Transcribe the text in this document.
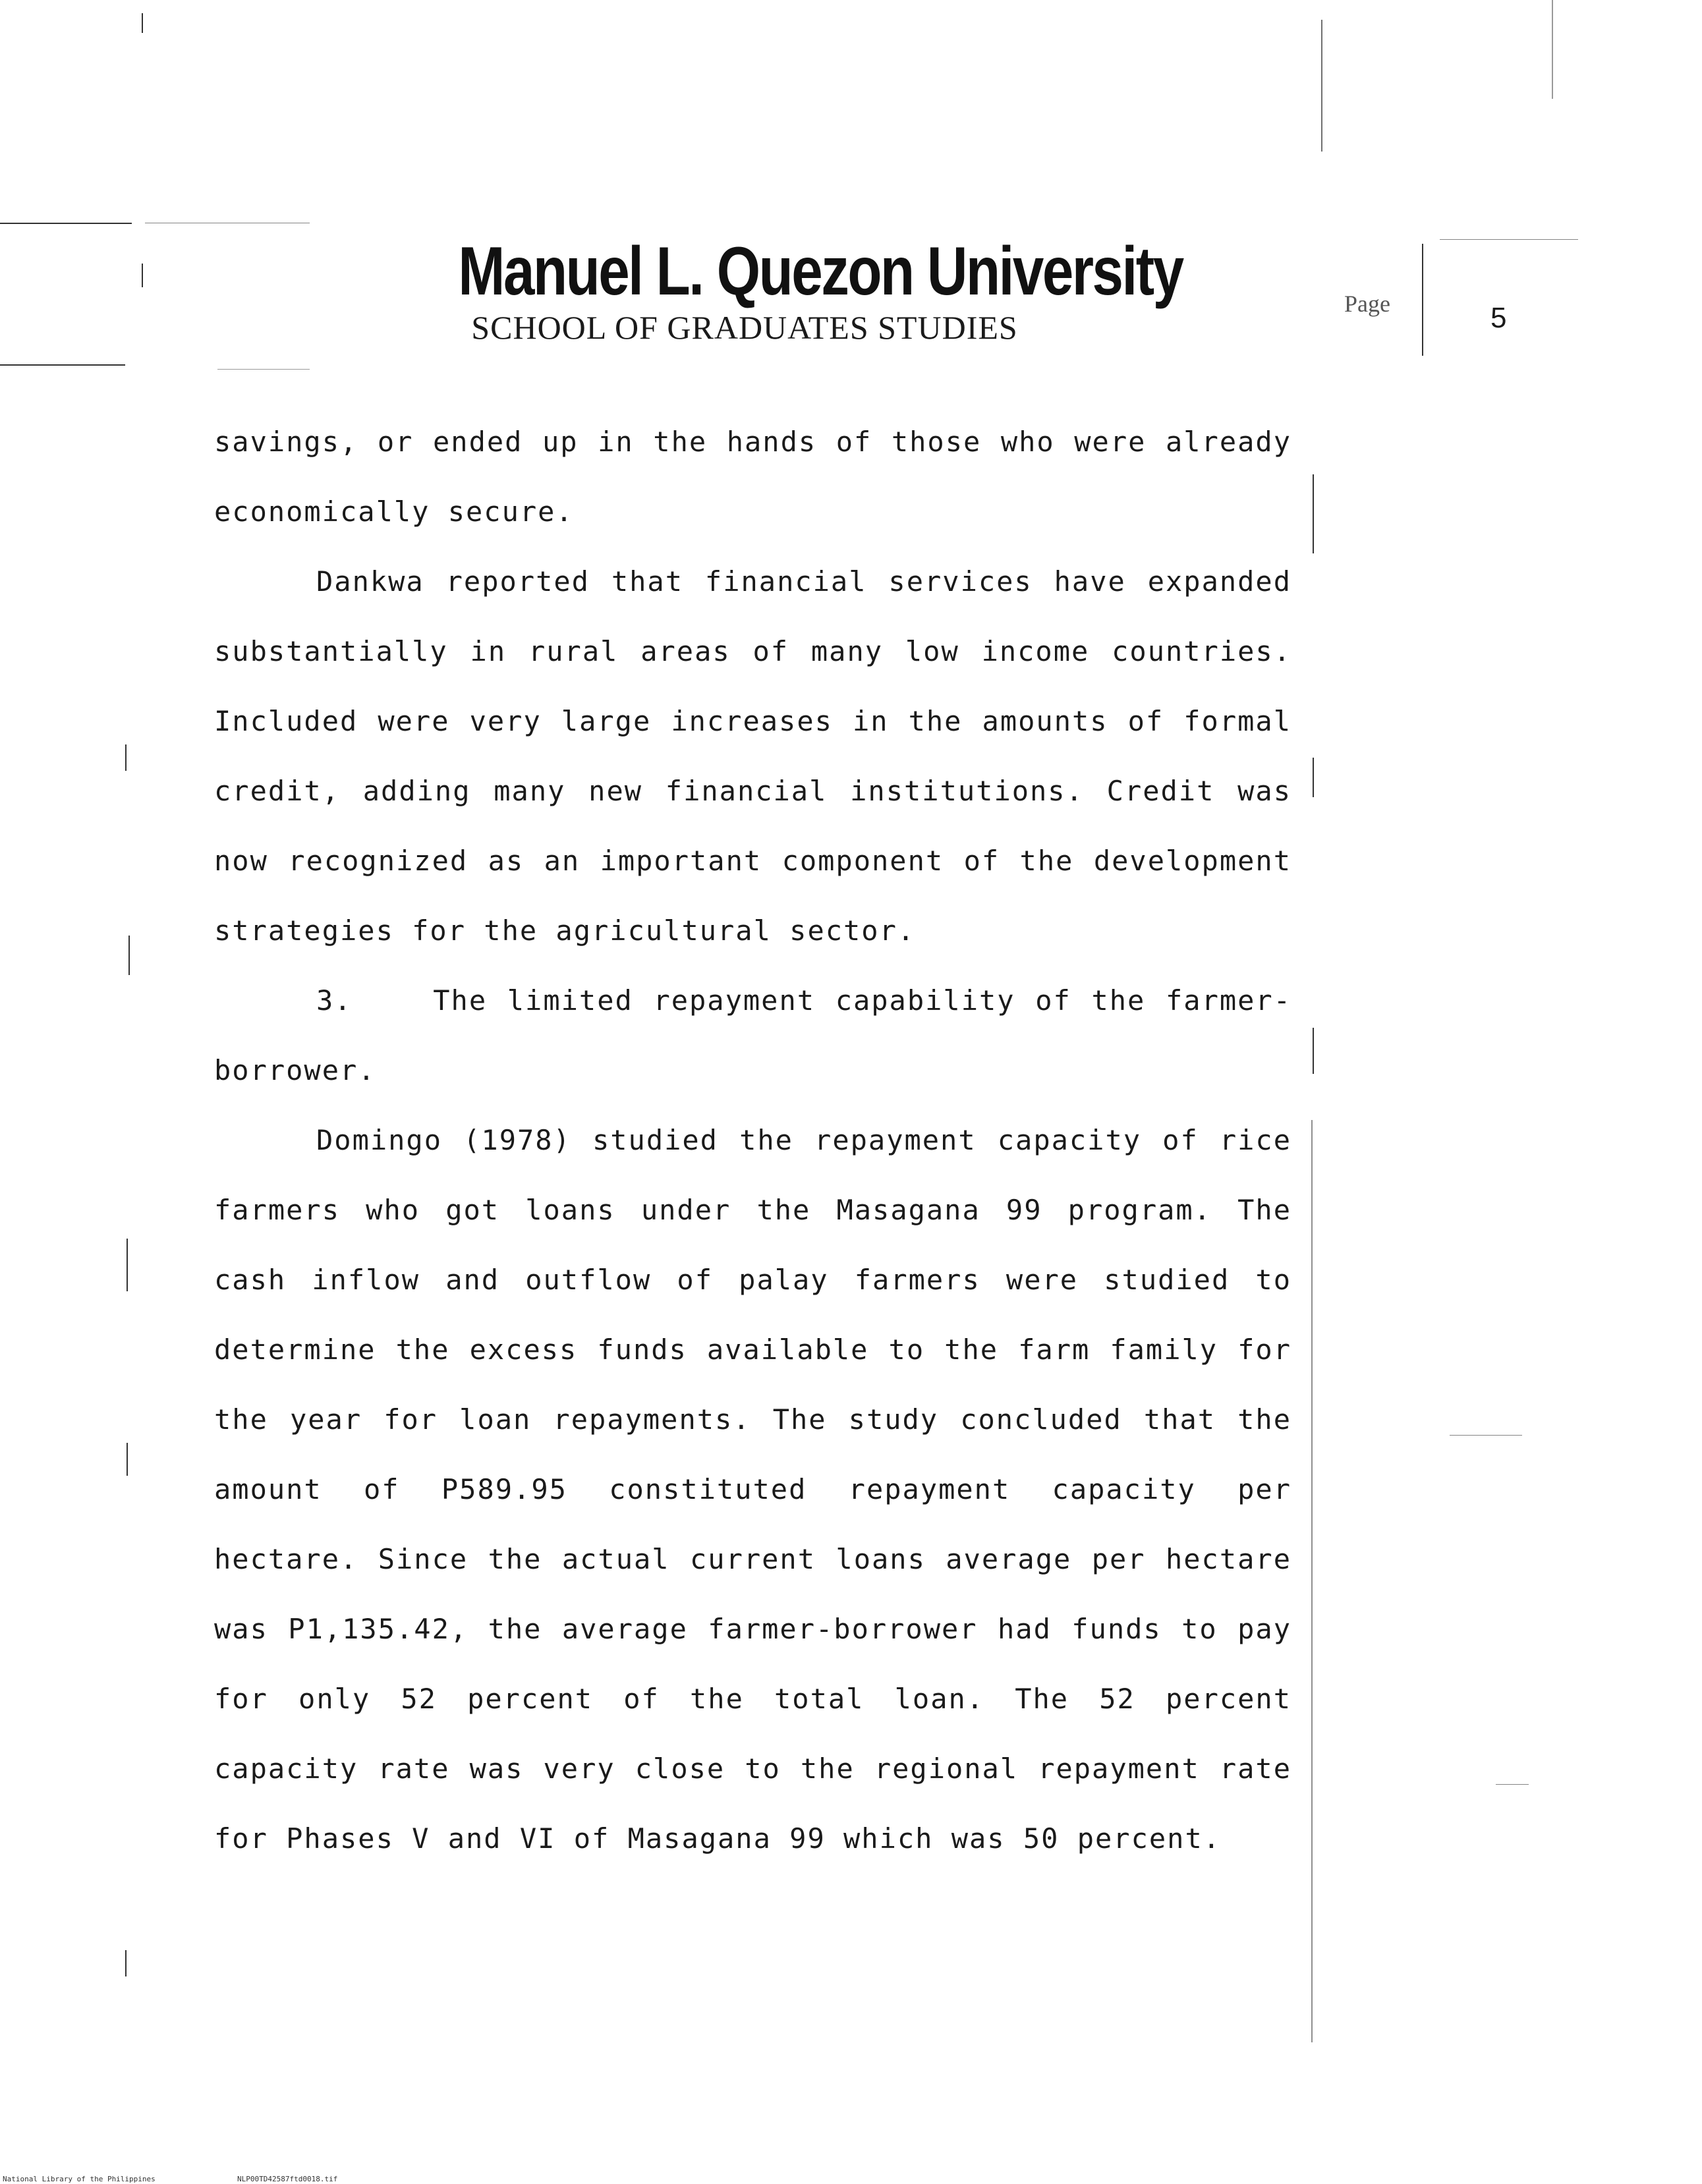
Manuel L. Quezon University
SCHOOL OF GRADUATES STUDIES
Page	5

savings, or ended up in the hands of those who were already economically secure.

Dankwa reported that financial services have expanded substantially in rural areas of many low income countries. Included were very large increases in the amounts of formal credit, adding many new financial institutions. Credit was now recognized as an important component of the development strategies for the agricultural sector.

3.    The limited repayment capability of the farmer-borrower.

Domingo (1978) studied the repayment capacity of rice farmers who got loans under the Masagana 99 program. The cash inflow and outflow of palay farmers were studied to determine the excess funds available to the farm family for the year for loan repayments. The study concluded that the amount of P589.95 constituted repayment capacity per hectare. Since the actual current loans average per hectare was P1,135.42, the average farmer-borrower had funds to pay for only 52 percent of the total loan. The 52 percent capacity rate was very close to the regional repayment rate for Phases V and VI of Masagana 99 which was 50 percent.

National Library of the Philippines	NLP00TD42587ftd0018.tif
